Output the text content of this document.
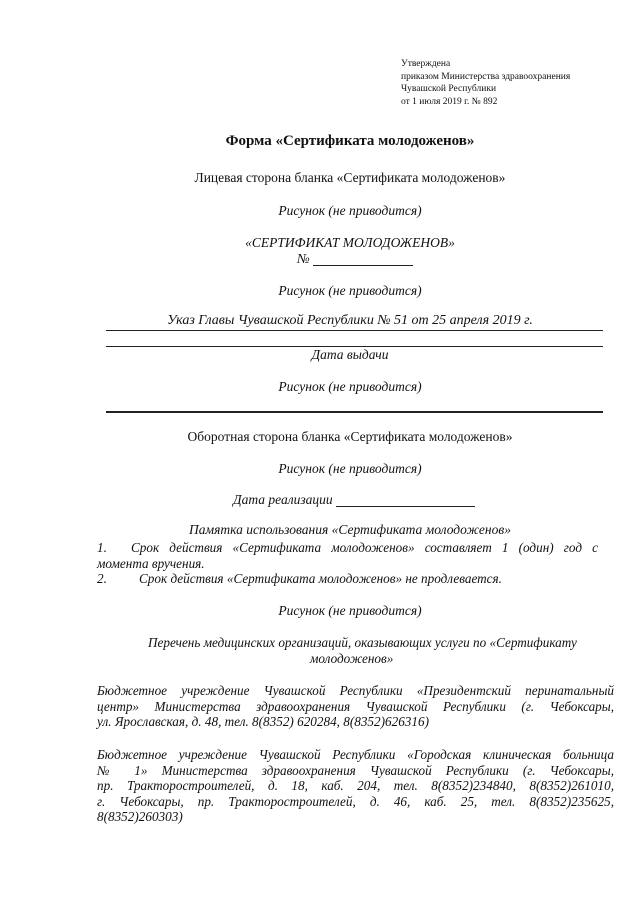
Утверждена
приказом Министерства здравоохранения
Чувашской Республики
от 1 июля 2019 г. № 892
Форма «Сертификата молодоженов»
Лицевая сторона бланка «Сертификата молодоженов»
Рисунок (не приводится)
«СЕРТИФИКАТ МОЛОДОЖЕНОВ»
№
Рисунок (не приводится)
Указ Главы Чувашской Республики № 51 от 25 апреля 2019 г.
Дата выдачи
Рисунок (не приводится)
Оборотная сторона бланка «Сертификата молодоженов»
Рисунок (не приводится)
Дата реализации
Памятка использования «Сертификата молодоженов»
1.	Срок действия «Сертификата молодоженов» составляет 1 (один) год с
момента вручения.
2. Срок действия «Сертификата молодоженов» не продлевается.
Рисунок (не приводится)
Перечень медицинских организаций, оказывающих услуги по «Сертификату
молодоженов»
Бюджетное учреждение Чувашской Республики «Президентский перинатальный
центр» Министерства здравоохранения Чувашской Республики (г. Чебоксары,
ул. Ярославская, д. 48, тел. 8(8352) 620284, 8(8352)626316)
Бюджетное учреждение Чувашской Республики «Городская клиническая больница
№ 1» Министерства здравоохранения Чувашской Республики (г. Чебоксары,
пр. Тракторостроителей, д. 18, каб. 204, тел. 8(8352)234840, 8(8352)261010,
г. Чебоксары, пр. Тракторостроителей, д. 46, каб. 25, тел. 8(8352)235625,
8(8352)260303)
